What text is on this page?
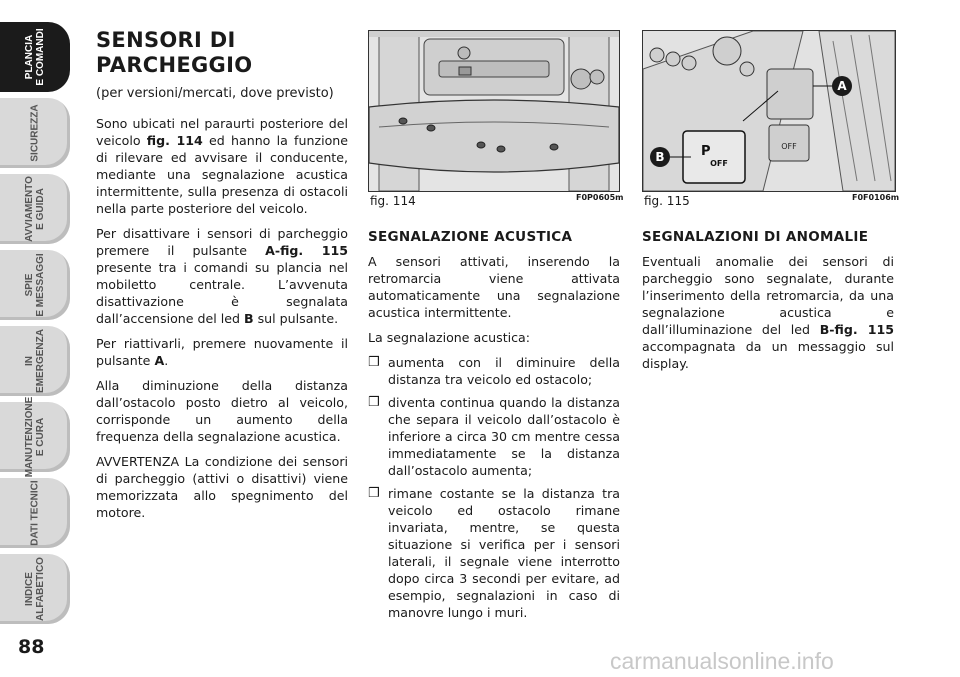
PLANCIA
E COMANDI
SICUREZZA
AVVIAMENTO
E GUIDA
SPIE
E MESSAGGI
IN
EMERGENZA
MANUTENZIONE
E CURA
DATI TECNICI
INDICE
ALFABETICO
88
SENSORI DI
PARCHEGGIO
(per versioni/mercati, dove previsto)

Sono ubicati nel paraurti posteriore del veicolo fig. 114 ed hanno la funzione di rilevare ed avvisare il conducente, mediante una segnalazione acustica intermittente, sulla presenza di ostacoli nella parte posteriore del veicolo.

Per disattivare i sensori di parcheggio premere il pulsante A-fig. 115 presente tra i comandi su plancia nel mobiletto centrale. L’avvenuta disattivazione è segnalata dall’accensione del led B sul pulsante.

Per riattivarli, premere nuovamente il pulsante A.

Alla diminuzione della distanza dall’ostacolo posto dietro al veicolo, corrisponde un aumento della frequenza della segnalazione acustica.

AVVERTENZA La condizione dei sensori di parcheggio (attivi o disattivi) viene memorizzata allo spegnimento del motore.

fig. 114	F0P0605m
OFF
A
P
OFF
B
fig. 115	F0F0106m
SEGNALAZIONE ACUSTICA

A sensori attivati, inserendo la retromarcia viene attivata automaticamente una segnalazione acustica intermittente.

La segnalazione acustica:

❒ aumenta con il diminuire della distanza tra veicolo ed ostacolo;
❒ diventa continua quando la distanza che separa il veicolo dall’ostacolo è inferiore a circa 30 cm mentre cessa immediatamente se la distanza dall’ostacolo aumenta;
❒ rimane costante se la distanza tra veicolo ed ostacolo rimane invariata, mentre, se questa situazione si verifica per i sensori laterali, il segnale viene interrotto dopo circa 3 secondi per evitare, ad esempio, segnalazioni in caso di manovre lungo i muri.
SEGNALAZIONI DI ANOMALIE

Eventuali anomalie dei sensori di parcheggio sono segnalate, durante l’inserimento della retromarcia, da una segnalazione acustica e dall’illuminazione del led B-fig. 115 accompagnata da un messaggio sul display.

carmanualsonline.info
